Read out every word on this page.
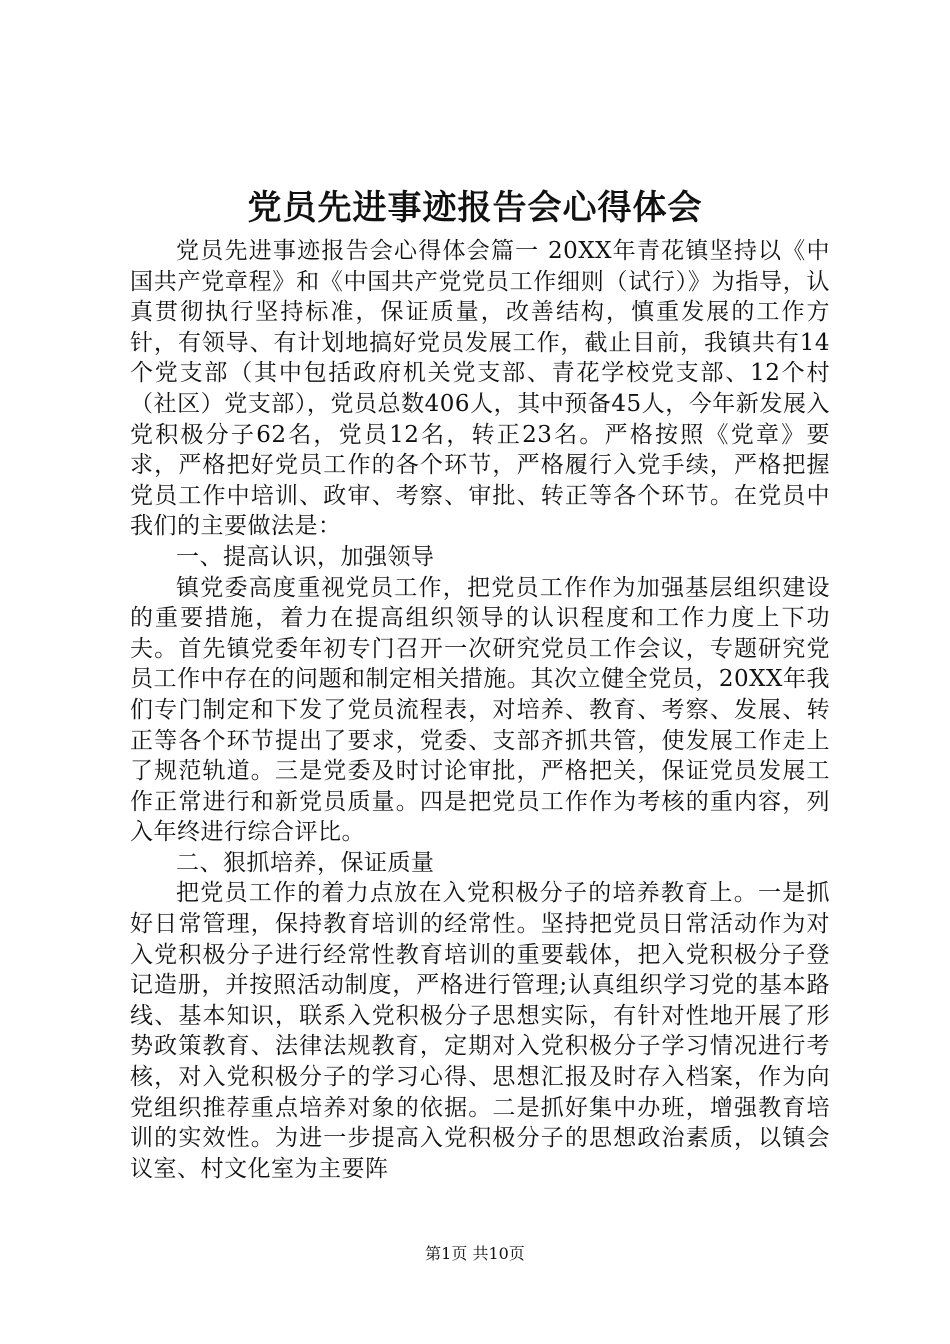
党员先进事迹报告会心得体会

党员先进事迹报告会心得体会篇一 20XX年青花镇坚持以《中国共产党章程》和《中国共产党党员工作细则（试行）》为指导，认真贯彻执行坚持标准，保证质量，改善结构，慎重发展的工作方针，有领导、有计划地搞好党员发展工作，截止目前，我镇共有14个党支部（其中包括政府机关党支部、青花学校党支部、12个村（社区）党支部），党员总数406人，其中预备45人，今年新发展入党积极分子62名，党员12名，转正23名。严格按照《党章》要求，严格把好党员工作的各个环节，严格履行入党手续，严格把握党员工作中培训、政审、考察、审批、转正等各个环节。在党员中我们的主要做法是：

一、提高认识，加强领导

镇党委高度重视党员工作，把党员工作作为加强基层组织建设的重要措施，着力在提高组织领导的认识程度和工作力度上下功夫。首先镇党委年初专门召开一次研究党员工作会议，专题研究党员工作中存在的问题和制定相关措施。其次立健全党员，20XX年我们专门制定和下发了党员流程表，对培养、教育、考察、发展、转正等各个环节提出了要求，党委、支部齐抓共管，使发展工作走上了规范轨道。三是党委及时讨论审批，严格把关，保证党员发展工作正常进行和新党员质量。四是把党员工作作为考核的重内容，列入年终进行综合评比。

二、狠抓培养，保证质量

把党员工作的着力点放在入党积极分子的培养教育上。一是抓好日常管理，保持教育培训的经常性。坚持把党员日常活动作为对入党积极分子进行经常性教育培训的重要载体，把入党积极分子登记造册，并按照活动制度，严格进行管理;认真组织学习党的基本路线、基本知识，联系入党积极分子思想实际，有针对性地开展了形势政策教育、法律法规教育，定期对入党积极分子学习情况进行考核，对入党积极分子的学习心得、思想汇报及时存入档案，作为向党组织推荐重点培养对象的依据。二是抓好集中办班，增强教育培训的实效性。为进一步提高入党积极分子的思想政治素质，以镇会议室、村文化室为主要阵

第1页 共10页
